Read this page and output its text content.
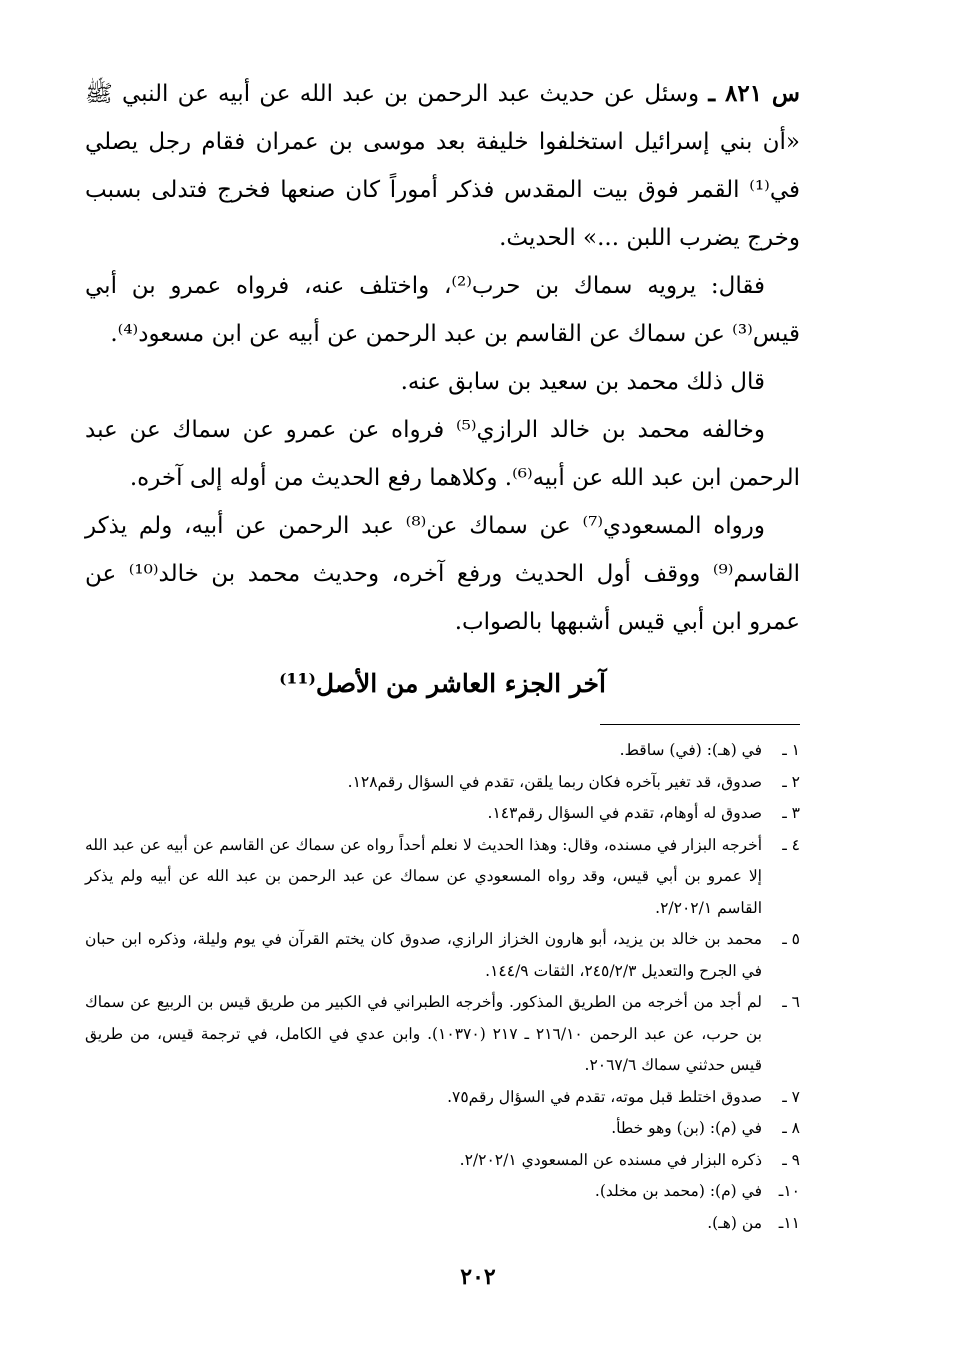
س ٨٢١ ـ وسئل عن حديث عبد الرحمن بن عبد الله عن أبيه عن النبي ﷺ «أن بني إسرائيل استخلفوا خليفة بعد موسى بن عمران فقام رجل يصلي في⁽¹⁾ القمر فوق بيت المقدس فذكر أموراً كان صنعها فخرج فتدلى بسبب وخرج يضرب اللبن ...» الحديث.

فقال: يرويه سماك بن حرب⁽²⁾، واختلف عنه، فرواه عمرو بن أبي قيس⁽³⁾ عن سماك عن القاسم بن عبد الرحمن عن أبيه عن ابن مسعود⁽⁴⁾.

قال ذلك محمد بن سعيد بن سابق عنه.

وخالفه محمد بن خالد الرازي⁽⁵⁾ فرواه عن عمرو عن سماك عن عبد الرحمن ابن عبد الله عن أبيه⁽⁶⁾. وكلاهما رفع الحديث من أوله إلى آخره.

ورواه المسعودي⁽⁷⁾ عن سماك عن⁽⁸⁾ عبد الرحمن عن أبيه، ولم يذكر القاسم⁽⁹⁾ ووقف أول الحديث ورفع آخره، وحديث محمد بن خالد⁽¹⁰⁾ عن عمرو ابن أبي قيس أشبهها بالصواب.

آخر الجزء العاشر من الأصل⁽¹¹⁾
١ ـ
في (هـ): (في) ساقط.
٢ ـ
صدوق، قد تغير بآخره فكان ربما يلقن، تقدم في السؤال رقم١٢٨.
٣ ـ
صدوق له أوهام، تقدم في السؤال رقم١٤٣.
٤ ـ
أخرجه البزار في مسنده، وقال: وهذا الحديث لا نعلم أحداً رواه عن سماك عن القاسم عن أبيه عن عبد الله إلا عمرو بن أبي قيس، وقد رواه المسعودي عن سماك عن عبد الرحمن بن عبد الله عن أبيه ولم يذكر القاسم ٢/٢٠٢/١.
٥ ـ
محمد بن خالد بن يزيد، أبو هارون الخزاز الرازي، صدوق كان يختم القرآن في يوم وليلة، وذكره ابن حبان في الجرح والتعديل ٢٤٥/٢/٣، الثقات ١٤٤/٩.
٦ ـ
لم أجد من أخرجه من الطريق المذكور. وأخرجه الطبراني في الكبير من طريق قيس بن الربيع عن سماك بن حرب، عن عبد الرحمن ٢١٦/١٠ ـ ٢١٧ (١٠٣٧٠). وابن عدي في الكامل، في ترجمة قيس، من طريق قيس حدثني سماك ٢٠٦٧/٦.
٧ ـ
صدوق اختلط قبل موته، تقدم في السؤال رقم٧٥.
٨ ـ
في (م): (بن) وهو خطأ.
٩ ـ
ذكره البزار في مسنده عن المسعودي ٢/٢٠٢/١.
١٠ـ
في (م): (محمد بن مخلد).
١١ـ
من (هـ).
٢٠٢
